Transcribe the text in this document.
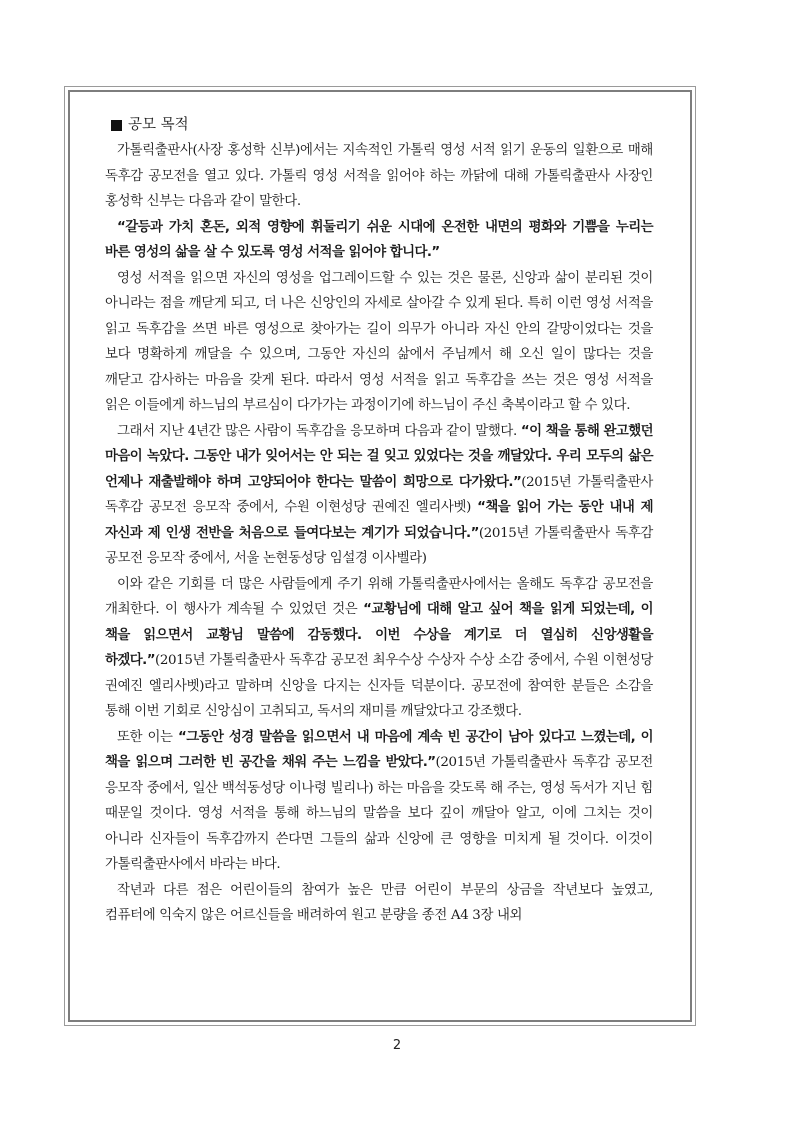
공모 목적

가톨릭출판사(사장 홍성학 신부)에서는 지속적인 가톨릭 영성 서적 읽기 운동의 일환으로 매해 독후감 공모전을 열고 있다. 가톨릭 영성 서적을 읽어야 하는 까닭에 대해 가톨릭출판사 사장인 홍성학 신부는 다음과 같이 말한다.

“갈등과 가치 혼돈, 외적 영향에 휘둘리기 쉬운 시대에 온전한 내면의 평화와 기쁨을 누리는 바른 영성의 삶을 살 수 있도록 영성 서적을 읽어야 합니다.”

영성 서적을 읽으면 자신의 영성을 업그레이드할 수 있는 것은 물론, 신앙과 삶이 분리된 것이 아니라는 점을 깨닫게 되고, 더 나은 신앙인의 자세로 살아갈 수 있게 된다. 특히 이런 영성 서적을 읽고 독후감을 쓰면 바른 영성으로 찾아가는 길이 의무가 아니라 자신 안의 갈망이었다는 것을 보다 명확하게 깨달을 수 있으며, 그동안 자신의 삶에서 주님께서 해 오신 일이 많다는 것을 깨닫고 감사하는 마음을 갖게 된다. 따라서 영성 서적을 읽고 독후감을 쓰는 것은 영성 서적을 읽은 이들에게 하느님의 부르심이 다가가는 과정이기에 하느님이 주신 축복이라고 할 수 있다.

그래서 지난 4년간 많은 사람이 독후감을 응모하며 다음과 같이 말했다. “이 책을 통해 완고했던 마음이 녹았다. 그동안 내가 잊어서는 안 되는 걸 잊고 있었다는 것을 깨달았다. 우리 모두의 삶은 언제나 재출발해야 하며 고양되어야 한다는 말씀이 희망으로 다가왔다.”(2015년 가톨릭출판사 독후감 공모전 응모작 중에서, 수원 이현성당 권예진 엘리사벳) “책을 읽어 가는 동안 내내 제 자신과 제 인생 전반을 처음으로 들여다보는 계기가 되었습니다.”(2015년 가톨릭출판사 독후감 공모전 응모작 중에서, 서울 논현동성당 임설경 이사벨라)

이와 같은 기회를 더 많은 사람들에게 주기 위해 가톨릭출판사에서는 올해도 독후감 공모전을 개최한다. 이 행사가 계속될 수 있었던 것은 “교황님에 대해 알고 싶어 책을 읽게 되었는데, 이 책을 읽으면서 교황님 말씀에 감동했다. 이번 수상을 계기로 더 열심히 신앙생활을 하겠다.”(2015년 가톨릭출판사 독후감 공모전 최우수상 수상자 수상 소감 중에서, 수원 이현성당 권예진 엘리사벳)라고 말하며 신앙을 다지는 신자들 덕분이다. 공모전에 참여한 분들은 소감을 통해 이번 기회로 신앙심이 고취되고, 독서의 재미를 깨달았다고 강조했다.

또한 이는 “그동안 성경 말씀을 읽으면서 내 마음에 계속 빈 공간이 남아 있다고 느꼈는데, 이 책을 읽으며 그러한 빈 공간을 채워 주는 느낌을 받았다.”(2015년 가톨릭출판사 독후감 공모전 응모작 중에서, 일산 백석동성당 이나령 빌리나) 하는 마음을 갖도록 해 주는, 영성 독서가 지닌 힘 때문일 것이다. 영성 서적을 통해 하느님의 말씀을 보다 깊이 깨달아 알고, 이에 그치는 것이 아니라 신자들이 독후감까지 쓴다면 그들의 삶과 신앙에 큰 영향을 미치게 될 것이다. 이것이 가톨릭출판사에서 바라는 바다.

작년과 다른 점은 어린이들의 참여가 높은 만큼 어린이 부문의 상금을 작년보다 높였고, 컴퓨터에 익숙지 않은 어르신들을 배려하여 원고 분량을 종전 A4 3장 내외

2
